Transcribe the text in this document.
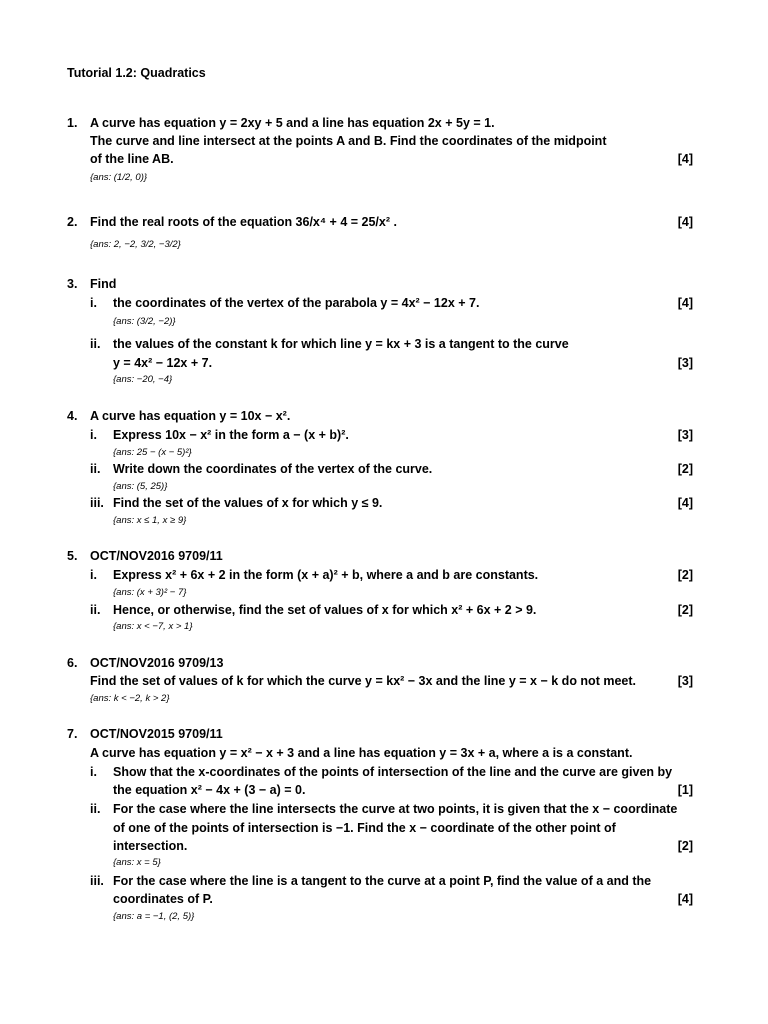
Tutorial 1.2: Quadratics
1. A curve has equation y = 2xy + 5 and a line has equation 2x + 5y = 1.
The curve and line intersect at the points A and B. Find the coordinates of the midpoint
of the line AB.	[4]
{ans: (1/2, 0)}
2. Find the real roots of the equation 36/x⁴ + 4 = 25/x² .	[4]
{ans: 2, −2, 3/2, −3/2}
3. Find
i. the coordinates of the vertex of the parabola y = 4x² − 12x + 7.	[4]
{ans: (3/2, −2)}
ii. the values of the constant k for which line y = kx + 3 is a tangent to the curve
y = 4x² − 12x + 7.	[3]
{ans: −20, −4}
4. A curve has equation y = 10x − x².
i. Express 10x − x² in the form a − (x + b)².	[3]
{ans: 25 − (x − 5)²}
ii. Write down the coordinates of the vertex of the curve.	[2]
{ans: (5, 25)}
iii. Find the set of the values of x for which y ≤ 9.	[4]
{ans: x ≤ 1, x ≥ 9}
5. OCT/NOV2016 9709/11
i. Express x² + 6x + 2 in the form (x + a)² + b, where a and b are constants.	[2]
{ans: (x + 3)² − 7}
ii. Hence, or otherwise, find the set of values of x for which x² + 6x + 2 > 9.	[2]
{ans: x < −7, x > 1}
6. OCT/NOV2016 9709/13
Find the set of values of k for which the curve y = kx² − 3x and the line y = x − k do not meet.	[3]
{ans: k < −2, k > 2}
7. OCT/NOV2015 9709/11
A curve has equation y = x² − x + 3 and a line has equation y = 3x + a, where a is a constant.
i. Show that the x-coordinates of the points of intersection of the line and the curve are given by
the equation x² − 4x + (3 − a) = 0.	[1]
ii. For the case where the line intersects the curve at two points, it is given that the x − coordinate
of one of the points of intersection is −1. Find the x − coordinate of the other point of
intersection.	[2]
{ans: x = 5}
iii. For the case where the line is a tangent to the curve at a point P, find the value of a and the
coordinates of P.	[4]
{ans: a = −1, (2, 5)}
